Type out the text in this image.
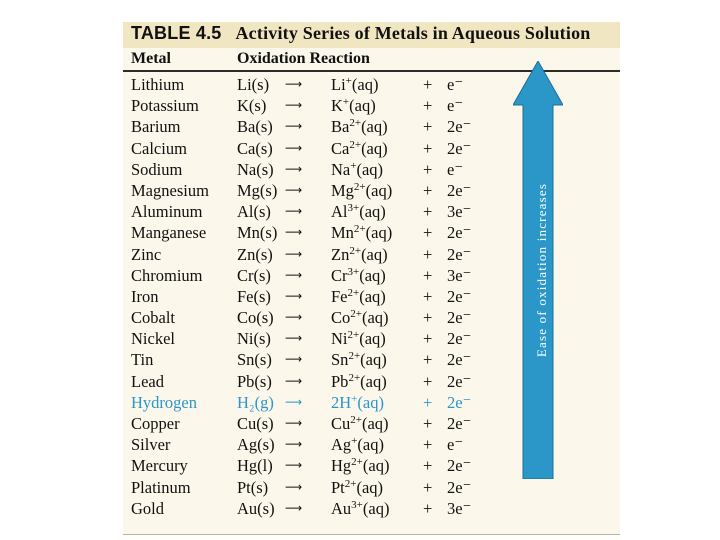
TABLE 4.5 Activity Series of Metals in Aqueous Solution
Metal	Oxidation Reaction
Lithium	Li(s) ⟶ Li+(aq)	+ e⁻
Potassium K(s) ⟶ K+(aq)	+ e⁻
Barium	Ba(s) ⟶ $Ba^{2+}(aq) + 2e^-$
Calcium	Ca(s) ⟶ $Ca^{2+}(aq) + 2e^-$
Sodium	Na(s) ⟶ Na+(aq) + e⁻
Magnesium Mg(s) ⟶ $Mg^{2+}(aq) + 2e^-$
Aluminum Al(s) ⟶ $Al^{3+}(aq) + 3e^-$
Manganese Mn(s) ⟶ $Mn^{2+}(aq) + 2e^-$
Zinc	Zn(s) ⟶ $Zn^{2+}(aq) + 2e^-$
Chromium Cr(s) ⟶ $Cr^{3+}(aq) + 3e^-$
Iron	Fe(s) ⟶ $Fe^{2+}(aq) + 2e^-$
Cobalt	Co(s) ⟶ $Co^{2+}(aq) + 2e^-$
Nickel	Ni(s) ⟶ $Ni^{2+}(aq) + 2e^-$
Tin	Sn(s) ⟶ $Sn^{2+}(aq) + 2e^-$
Lead	Pb(s) ⟶ $Pb^{2+}(aq) + 2e^-$
Hydrogen H₂(g) ⟶ 2H+(aq) + 2e⁻
Copper	Cu(s) ⟶ $Cu^{2+}(aq) + 2e^-$
Silver	Ag(s) ⟶ Ag+(aq) + e⁻
Mercury	Hg(l) ⟶ $Hg^{2+}(aq) + 2e^-$
Platinum	Pt(s) ⟶ $Pt^{2+}(aq) + 2e^-$
Gold	Au(s) ⟶ $Au^{3+}(aq) + 3e^-$
Ease of oxidation increases
